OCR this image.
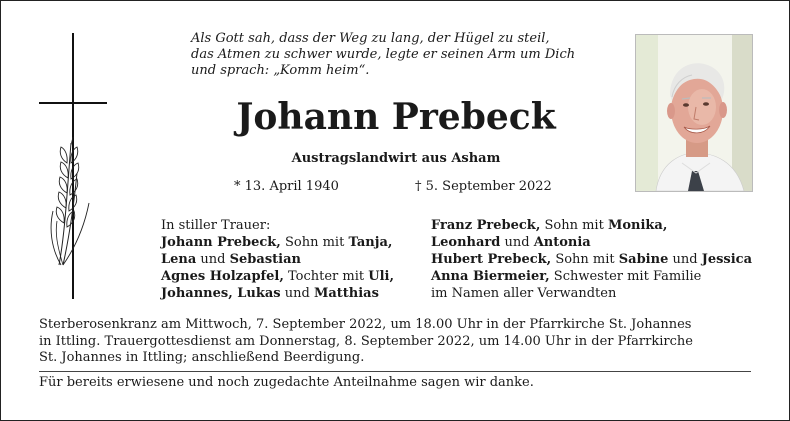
Als Gott sah, dass der Weg zu lang, der Hügel zu steil,
das Atmen zu schwer wurde, legte er seinen Arm um Dich
und sprach: „Komm heim“.
Johann Prebeck
Austragslandwirt aus Asham
* 13. April 1940	† 5. September 2022
In stiller Trauer:
Johann Prebeck, Sohn mit Tanja,
Lena und Sebastian
Agnes Holzapfel, Tochter mit Uli,
Johannes, Lukas und Matthias
Franz Prebeck, Sohn mit Monika,
Leonhard und Antonia
Hubert Prebeck, Sohn mit Sabine und Jessica
Anna Biermeier, Schwester mit Familie
im Namen aller Verwandten
Sterberosenkranz am Mittwoch, 7. September 2022, um 18.00 Uhr in der Pfarrkirche St. Johannes
in Ittling. Trauergottesdienst am Donnerstag, 8. September 2022, um 14.00 Uhr in der Pfarrkirche
St. Johannes in Ittling; anschließend Beerdigung.
Für bereits erwiesene und noch zugedachte Anteilnahme sagen wir danke.
